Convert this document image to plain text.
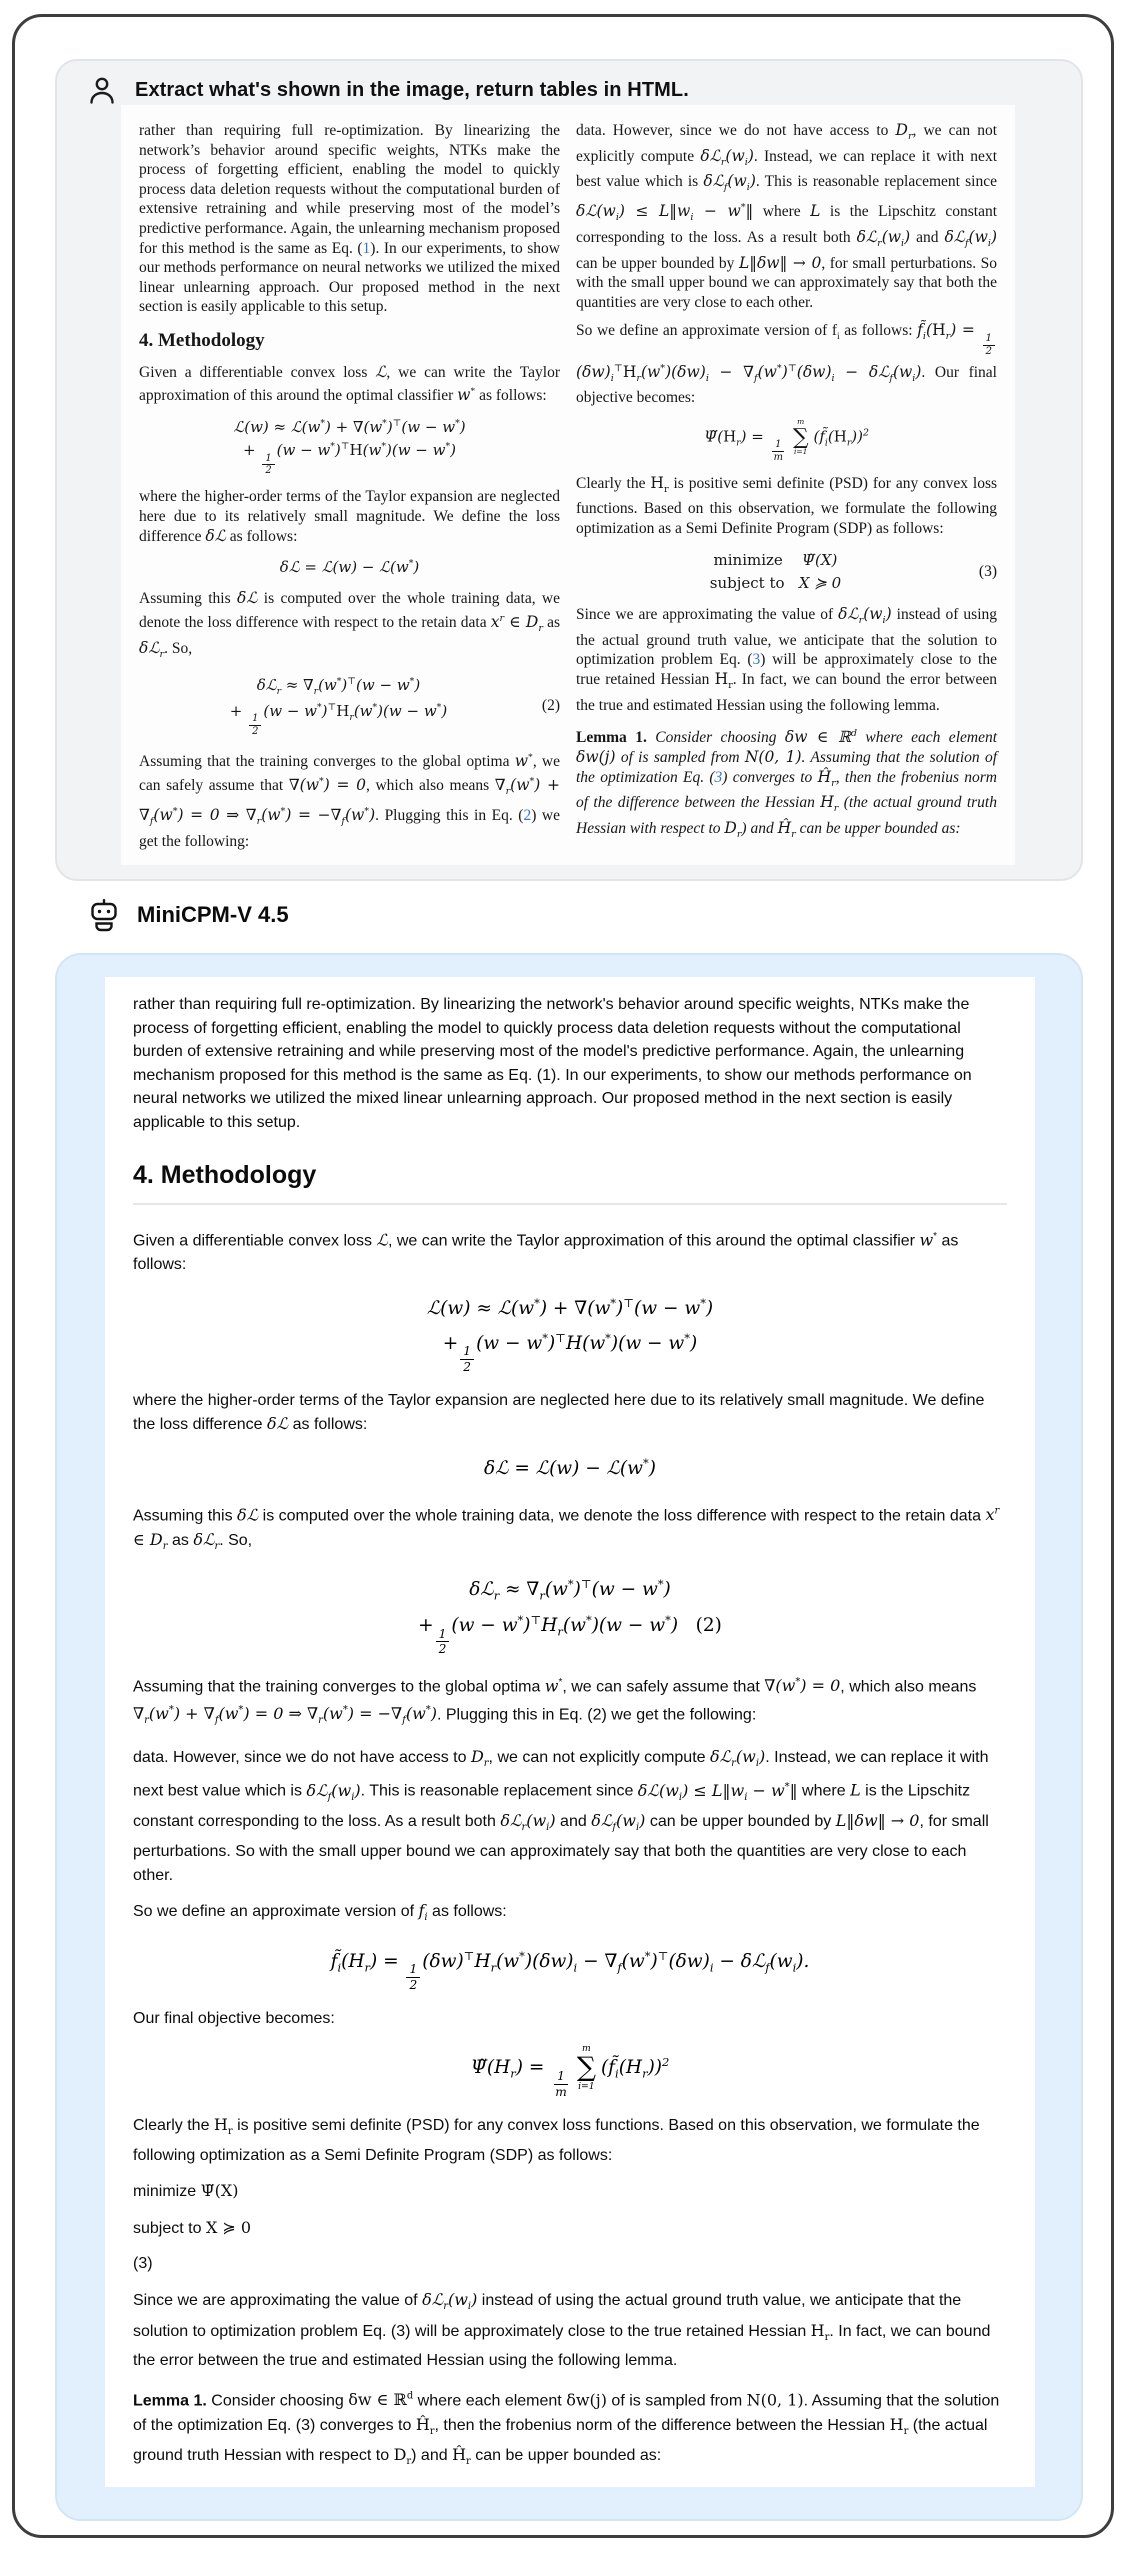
Extract what's shown in the image, return tables in HTML.

rather than requiring full re-optimization. By linearizing the network’s behavior around specific weights, NTKs make the process of forgetting efficient, enabling the model to quickly process data deletion requests without the computational burden of extensive retraining and while preserving most of the model’s predictive performance. Again, the unlearning mechanism proposed for this method is the same as Eq. (1). In our experiments, to show our methods performance on neural networks we utilized the mixed linear unlearning approach. Our proposed method in the next section is easily applicable to this setup.

4. Methodology

Given a differentiable convex loss ℒ, we can write the Taylor approximation of this around the optimal classifier w* as follows:

ℒ(w) ≈ ℒ(w*) + ∇(w*)⊤(w − w*)
+
$\frac{1}{2}$
(w − w*)⊤H(w*)(w − w*)

where the higher-order terms of the Taylor expansion are neglected here due to its relatively small magnitude. We define the loss difference δℒ as follows:

δℒ = ℒ(w) − ℒ(w*)

Assuming this δℒ is computed over the whole training data, we denote the loss difference with respect to the retain data $x^r$ ∈ $D_r$ as δℒ$_r$. So,

δℒ$_r$ ≈ $\nabla_r(w^*)^⊤(w - w^*)$
+
$\frac{1}{2}$
$(w - w^*)^⊤H_r(w^*)(w - w^*)$	(2)

Assuming that the training converges to the global optima w*, we can safely assume that ∇(w*) = 0, which also means $\nabla_r(w^*) + \nabla_f(w^*) = 0$ ⇒ $\nabla_r(w^*) = -\nabla_f(w^*)$. Plugging this in Eq. (2) we get the following:

data. However, since we do not have access to $D_r$, we can not explicitly compute $\delta ℒ_r(w_i)$. Instead, we can replace it with next best value which is $\delta ℒ_f(w_i)$. This is reasonable replacement since $\delta ℒ(w_i)$ ≤ $L‖w_i$ − w*‖ where L is the Lipschitz constant corresponding to the loss. As a result both $\delta ℒ_r(w_i)$ and $\delta ℒ_f(w_i)$ can be upper bounded by L‖δw‖ → 0, for small perturbations. So with the small upper bound we can approximately say that both the quantities are very close to each other.

So we define an approximate version of $f_i$ as follows: $f̃_i(H_r)$ =
$\frac{1}{2}$
$(\delta w)_i^⊤H_r(w^*)(\delta w)_i - \nabla_f(w^*)^⊤(\delta w)_i$ − $\delta ℒ_f(w_i)$. Our final objective becomes:

$\Psĩ(H_r)$ =
$\frac{1}{m}$
m
∑
i=1
$(f̃_i(H_r))^2$

Clearly the $H_r$ is positive semi definite (PSD) for any convex loss functions. Based on this observation, we formulate the following optimization as a Semi Definite Program (SDP) as follows:

minimize    Ψ̃(X)
subject to   X ≽ 0
(3)

Since we are approximating the value of $\delta ℒ_r(w_i)$ instead of using the actual ground truth value, we anticipate that the solution to optimization problem Eq. (3) will be approximately close to the true retained Hessian $H_r$. In fact, we can bound the error between the true and estimated Hessian using the following lemma.

Lemma 1. Consider choosing δw ∈ ℝ$^d$ where each element δw(j) of is sampled from N(0, 1). Assuming that the solution of the optimization Eq. (3) converges to $Ĥ_r$, then the frobenius norm of the difference between the Hessian $H_r$ (the actual ground truth Hessian with respect to $D_r$) and $Ĥ_r$ can be upper bounded as:

MiniCPM-V 4.5

rather than requiring full re-optimization. By linearizing the network's behavior around specific weights, NTKs make the process of forgetting efficient, enabling the model to quickly process data deletion requests without the computational burden of extensive retraining and while preserving most of the model's predictive performance. Again, the unlearning mechanism proposed for this method is the same as Eq. (1). In our experiments, to show our methods performance on neural networks we utilized the mixed linear unlearning approach. Our proposed method in the next section is easily applicable to this setup.

4. Methodology

Given a differentiable convex loss ℒ, we can write the Taylor approximation of this around the optimal classifier w* as follows:

ℒ(w) ≈ ℒ(w*) + ∇(w*)⊤(w − w*)
+
$\frac{1}{2}$
(w − w*)⊤H(w*)(w − w*)

where the higher-order terms of the Taylor expansion are neglected here due to its relatively small magnitude. We define the loss difference δℒ as follows:

δℒ = ℒ(w) − ℒ(w*)

Assuming this δℒ is computed over the whole training data, we denote the loss difference with respect to the retain data $x^r$ ∈ $D_r$ as δℒ$_r$. So,

δℒ$_r$ ≈ $\nabla_r(w^*)^⊤(w - w^*)$
+
$\frac{1}{2}$
$(w - w^*)^⊤H_r(w^*)(w - w^*)$   (2)

Assuming that the training converges to the global optima w*, we can safely assume that ∇(w*) = 0, which also means $\nabla_r(w^*) + \nabla_f(w^*) = 0$ ⇒ $\nabla_r(w^*) = -\nabla_f(w^*)$. Plugging this in Eq. (2) we get the following:

data. However, since we do not have access to $D_r$, we can not explicitly compute $\delta ℒ_r(w_i)$. Instead, we can replace it with next best value which is $\delta ℒ_f(w_i)$. This is reasonable replacement since $\delta ℒ(w_i)$ ≤ $L‖w_i$ − w*‖ where L is the Lipschitz constant corresponding to the loss. As a result both $\delta ℒ_r(w_i)$ and $\delta ℒ_f(w_i)$ can be upper bounded by L‖δw‖ → 0, for small perturbations. So with the small upper bound we can approximately say that both the quantities are very close to each other.

So we define an approximate version of $f_i$ as follows:

$f̃_i(H_r)$ =
$\frac{1}{2}$
$(\delta w)^⊤H_r(w^*)(\delta w)_i - \nabla_f(w^*)^⊤(\delta w)_i$ − $\delta ℒ_f(w_i)$.

Our final objective becomes:

$\Psĩ(H_r)$ =
$\frac{1}{m}$
m
∑
i=1
$(f̃_i(H_r))^2$

Clearly the $H_r$ is positive semi definite (PSD) for any convex loss functions. Based on this observation, we formulate the following optimization as a Semi Definite Program (SDP) as follows:

minimize Ψ̃(X)

subject to X ≽ 0

(3)

Since we are approximating the value of $\delta ℒ_r(w_i)$ instead of using the actual ground truth value, we anticipate that the solution to optimization problem Eq. (3) will be approximately close to the true retained Hessian $H_r$. In fact, we can bound the error between the true and estimated Hessian using the following lemma.

Lemma 1. Consider choosing δw ∈ ℝ$^d$ where each element δw(j) of is sampled from N(0, 1). Assuming that the solution of the optimization Eq. (3) converges to $Ĥ_r$, then the frobenius norm of the difference between the Hessian $H_r$ (the actual ground truth Hessian with respect to $D_r$) and $Ĥ_r$ can be upper bounded as:
